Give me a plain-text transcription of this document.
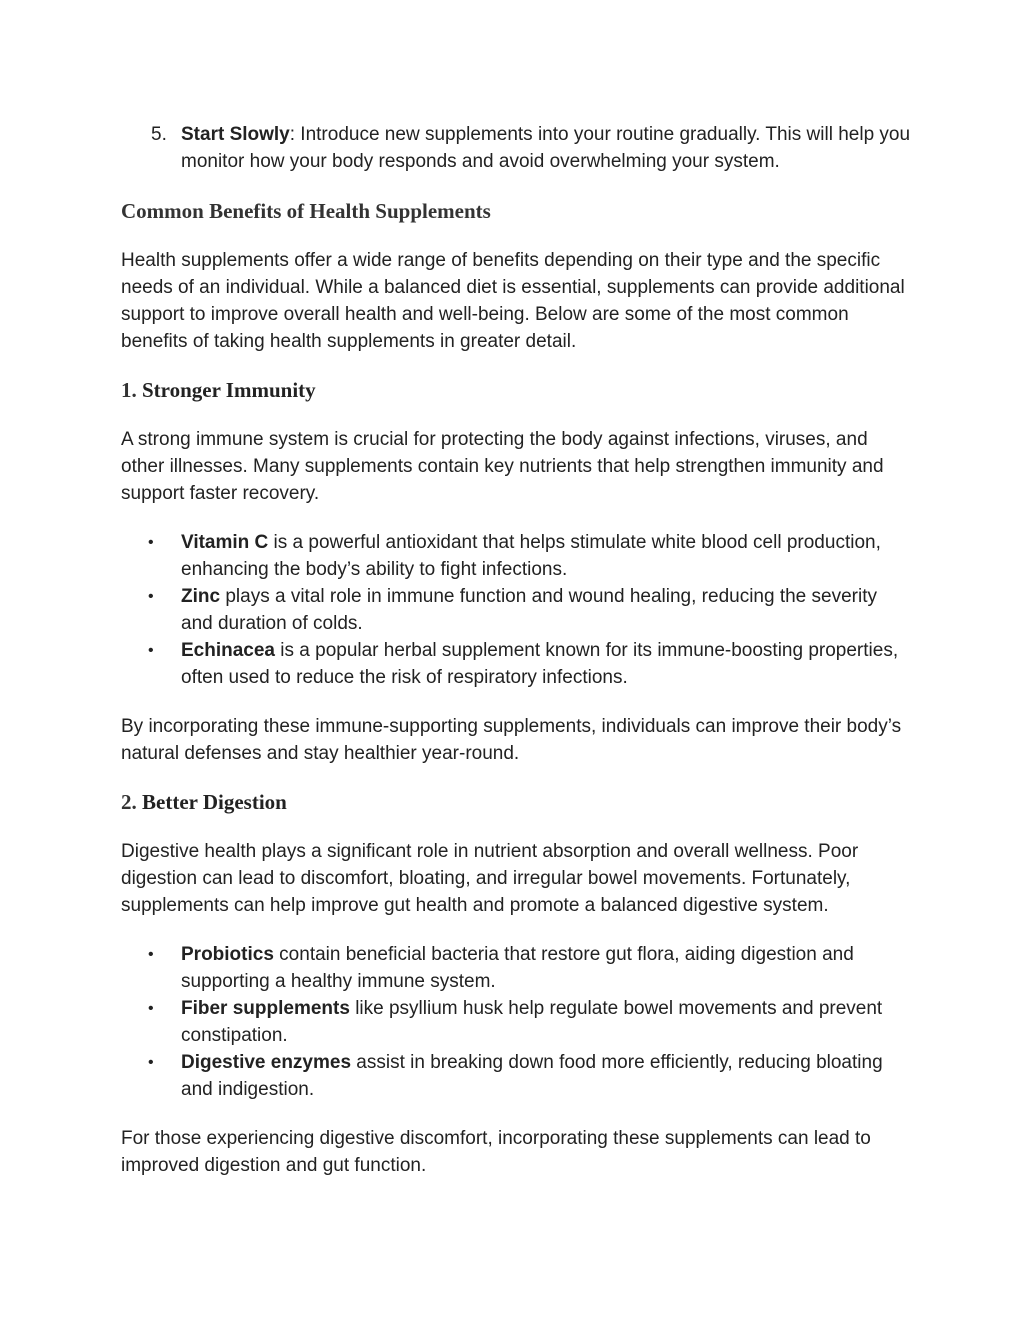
5. Start Slowly: Introduce new supplements into your routine gradually. This will help you monitor how your body responds and avoid overwhelming your system.
Common Benefits of Health Supplements

Health supplements offer a wide range of benefits depending on their type and the specific needs of an individual. While a balanced diet is essential, supplements can provide additional support to improve overall health and well-being. Below are some of the most common benefits of taking health supplements in greater detail.

1. Stronger Immunity

A strong immune system is crucial for protecting the body against infections, viruses, and other illnesses. Many supplements contain key nutrients that help strengthen immunity and support faster recovery.

• Vitamin C is a powerful antioxidant that helps stimulate white blood cell production, enhancing the body’s ability to fight infections.
• Zinc plays a vital role in immune function and wound healing, reducing the severity and duration of colds.
• Echinacea is a popular herbal supplement known for its immune-boosting properties, often used to reduce the risk of respiratory infections.

By incorporating these immune-supporting supplements, individuals can improve their body’s natural defenses and stay healthier year-round.

2. Better Digestion

Digestive health plays a significant role in nutrient absorption and overall wellness. Poor digestion can lead to discomfort, bloating, and irregular bowel movements. Fortunately, supplements can help improve gut health and promote a balanced digestive system.

• Probiotics contain beneficial bacteria that restore gut flora, aiding digestion and supporting a healthy immune system.
• Fiber supplements like psyllium husk help regulate bowel movements and prevent constipation.
• Digestive enzymes assist in breaking down food more efficiently, reducing bloating and indigestion.

For those experiencing digestive discomfort, incorporating these supplements can lead to improved digestion and gut function.
